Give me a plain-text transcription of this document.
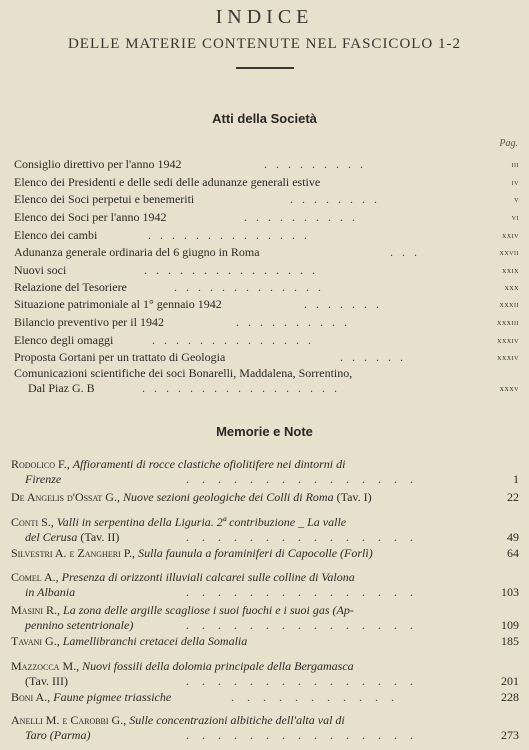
INDICE
DELLE MATERIE CONTENUTE NEL FASCICOLO 1-2
Atti della Società
Pag.
Consiglio direttivo per l'anno 1942	. . . . . . . . .	iii
Elenco dei Presidenti e delle sedi delle adunanze generali estive	iv
Elenco dei Soci perpetui e benemeriti	. . . . . . . .	v
Elenco dei Soci per l'anno 1942	. . . . . . . . . .	vi
Elenco dei cambi	. . . . . . . . . . . . . .	xxiv
Adunanza generale ordinaria del 6 giugno in Roma	. . .	xxvii
Nuovi soci	. . . . . . . . . . . . . . .	xxix
Relazione del Tesoriere	. . . . . . . . . . . . .	xxx
Situazione patrimoniale al 1° gennaio 1942	. . . . . . .	xxxii
Bilancio preventivo per il 1942	. . . . . . . . . .	xxxiii
Elenco degli omaggi	. . . . . . . . . . . . . .	xxxiv
Proposta Gortani per un trattato di Geologia	. . . . . .	xxxiv
Comunicazioni scientifiche dei soci Bonarelli, Maddalena, Sorrentino,
Dal Piaz G. B	. . . . . . . . . . . . . . . . .	xxxv
Memorie e Note
Rodolico F., Affioramenti di rocce clastiche ofiolitifere nei dintorni di
Firenze	. . . . . . . . . . . . . . .	1
De Angelis d'Ossat G., Nuove sezioni geologiche dei Colli di Roma (Tav. I)	22
Conti S., Valli in serpentina della Liguria. 2ª contribuzione _ La valle
del Cerusa (Tav. II)	. . . . . . . . . . . . . . .	49
Silvestri A. e Zangheri P., Sulla faunula a foraminiferi di Capocolle (Forlì)	64
Comel A., Presenza di orizzonti illuviali calcarei sulle colline di Valona
in Albania	. . . . . . . . . . . . . . .	103
Masini R., La zona delle argille scagliose i suoi fuochi e i suoi gas (Ap-
pennino setentrionale)	. . . . . . . . . . . . . . .	109
Tavani G., Lamellibranchi cretacei della Somalia	185
Mazzocca M., Nuovi fossili della dolomia principale della Bergamasca
(Tav. III)	. . . . . . . . . . . . . . .	201
Boni A., Faune pigmee triassiche	. . . . . . . . . . .	228
Anelli M. e Carobbi G., Sulle concentrazioni albitiche dell'alta val di
Taro (Parma)	. . . . . . . . . . . . . . .	273
